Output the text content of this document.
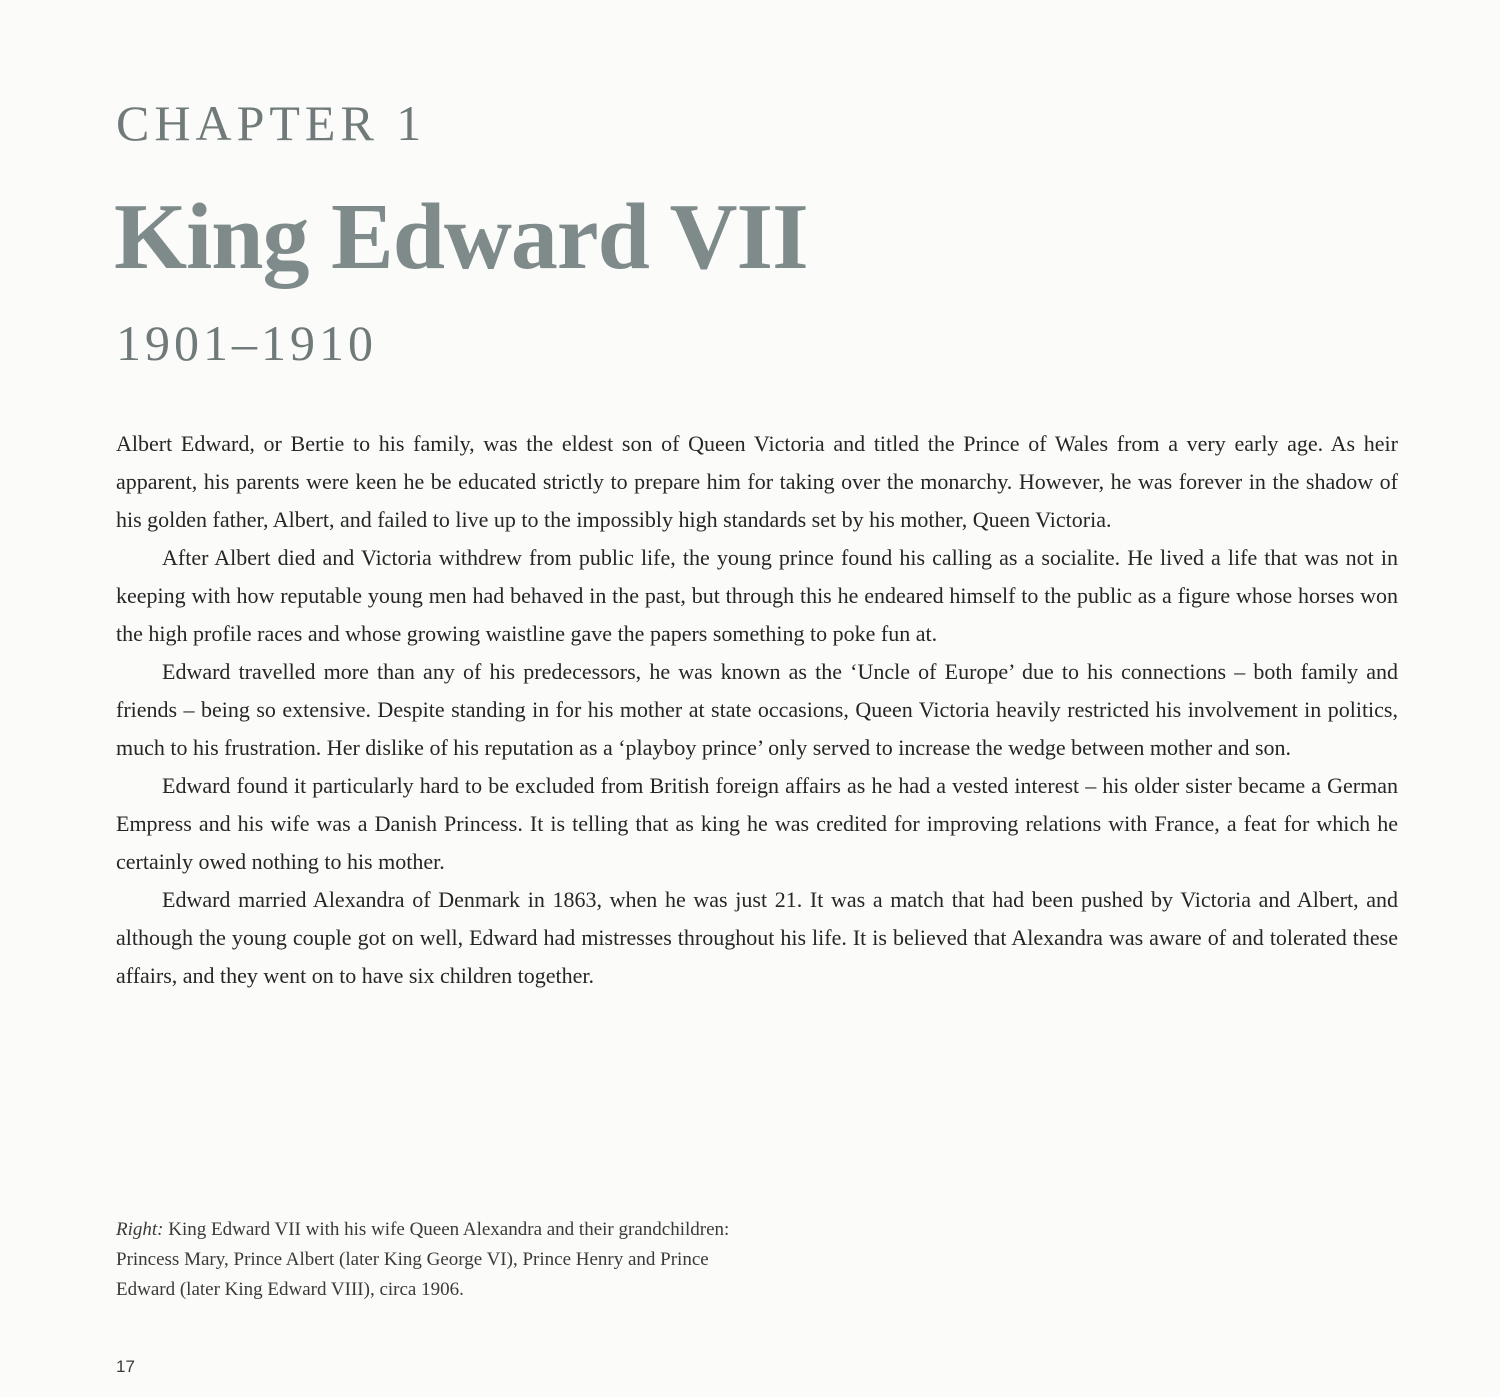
CHAPTER 1
King Edward VII
1901–1910

Albert Edward, or Bertie to his family, was the eldest son of Queen Victoria and titled the Prince of Wales from a very early age. As heir apparent, his parents were keen he be educated strictly to prepare him for taking over the monarchy. However, he was forever in the shadow of his golden father, Albert, and failed to live up to the impossibly high standards set by his mother, Queen Victoria.

After Albert died and Victoria withdrew from public life, the young prince found his calling as a socialite. He lived a life that was not in keeping with how reputable young men had behaved in the past, but through this he endeared himself to the public as a figure whose horses won the high profile races and whose growing waistline gave the papers something to poke fun at.

Edward travelled more than any of his predecessors, he was known as the ‘Uncle of Europe’ due to his connections – both family and friends – being so extensive. Despite standing in for his mother at state occasions, Queen Victoria heavily restricted his involvement in politics, much to his frustration. Her dislike of his reputation as a ‘playboy prince’ only served to increase the wedge between mother and son.

Edward found it particularly hard to be excluded from British foreign affairs as he had a vested interest – his older sister became a German Empress and his wife was a Danish Princess. It is telling that as king he was credited for improving relations with France, a feat for which he certainly owed nothing to his mother.

Edward married Alexandra of Denmark in 1863, when he was just 21. It was a match that had been pushed by Victoria and Albert, and although the young couple got on well, Edward had mistresses throughout his life. It is believed that Alexandra was aware of and tolerated these affairs, and they went on to have six children together.

Right: King Edward VII with his wife Queen Alexandra and their grandchildren: Princess Mary, Prince Albert (later King George VI), Prince Henry and Prince Edward (later King Edward VIII), circa 1906.
17
